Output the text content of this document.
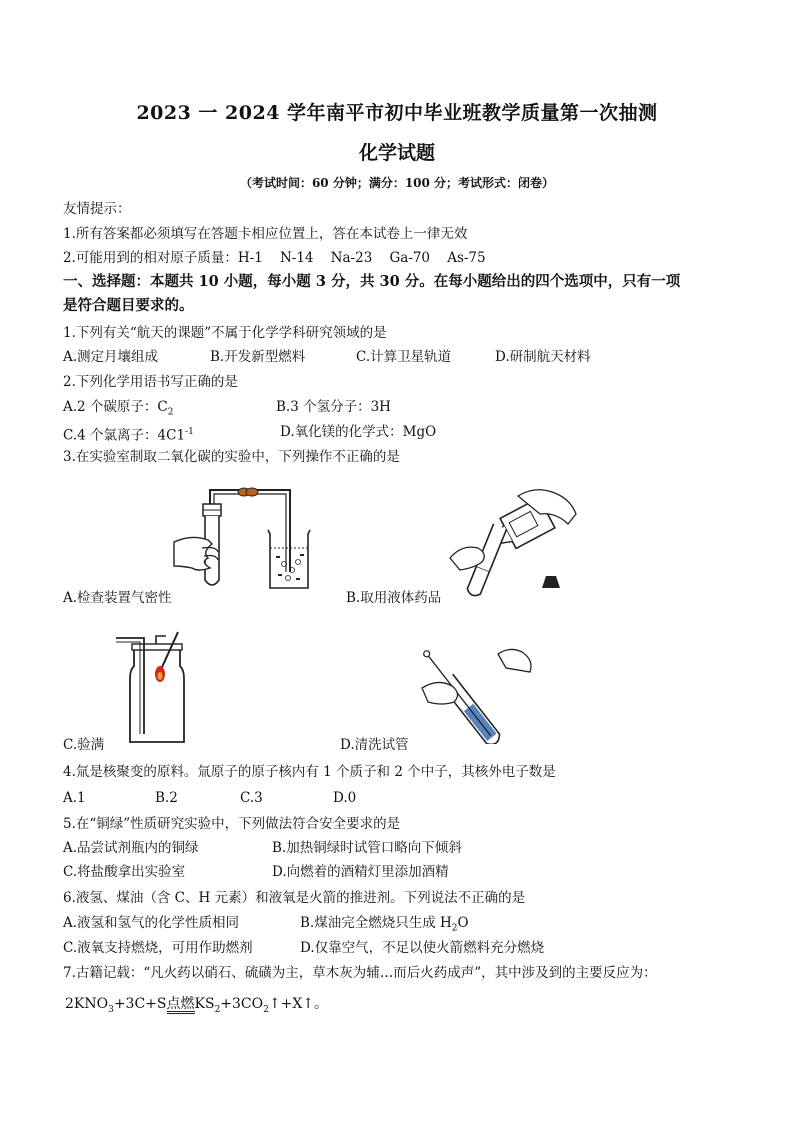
2023 一 2024 学年南平市初中毕业班教学质量第一次抽测
化学试题
（考试时间：60 分钟；满分：100 分；考试形式：闭卷）
友情提示：
1.所有答案都必须填写在答题卡相应位置上，答在本试卷上一律无效
2.可能用到的相对原子质量：H-1    N-14    Na-23    Ga-70    As-75
一、选择题：本题共 10 小题，每小题 3 分，共 30 分。在每小题给出的四个选项中，只有一项
是符合题目要求的。
1.下列有关“航天的课题”不属于化学学科研究领域的是
A.测定月壤组成	B.开发新型燃料	C.计算卫星轨道	D.研制航天材料
2.下列化学用语书写正确的是
A.2 个碳原子：$C_2$	B.3 个氢分子：3H
C.4 个氯离子：$4C1^{-1}$	D.氧化镁的化学式：MgO
3.在实验室制取二氧化碳的实验中，下列操作不正确的是
A.检查装置气密性	B.取用液体药品
C.验满	D.清洗试管
4.氚是核聚变的原料。氚原子的原子核内有 1 个质子和 2 个中子，其核外电子数是
A.1	B.2	C.3	D.0
5.在“铜绿”性质研究实验中，下列做法符合安全要求的是
A.品尝试剂瓶内的铜绿	B.加热铜绿时试管口略向下倾斜
C.将盐酸拿出实验室	D.向燃着的酒精灯里添加酒精
6.液氢、煤油（含 C、H 元素）和液氧是火箭的推进剂。下列说法不正确的是
A.液氢和氢气的化学性质相同	B.煤油完全燃烧只生成 $H_2O$
C.液氧支持燃烧，可用作助燃剂	D.仅靠空气，不足以使火箭燃料充分燃烧
7.古籍记载：“凡火药以硝石、硫磺为主，草木灰为辅…而后火药成声”，其中涉及到的主要反应为：
$2KNO_3+3C+S$点燃$KS_2+3CO_2↑+X↑$。
